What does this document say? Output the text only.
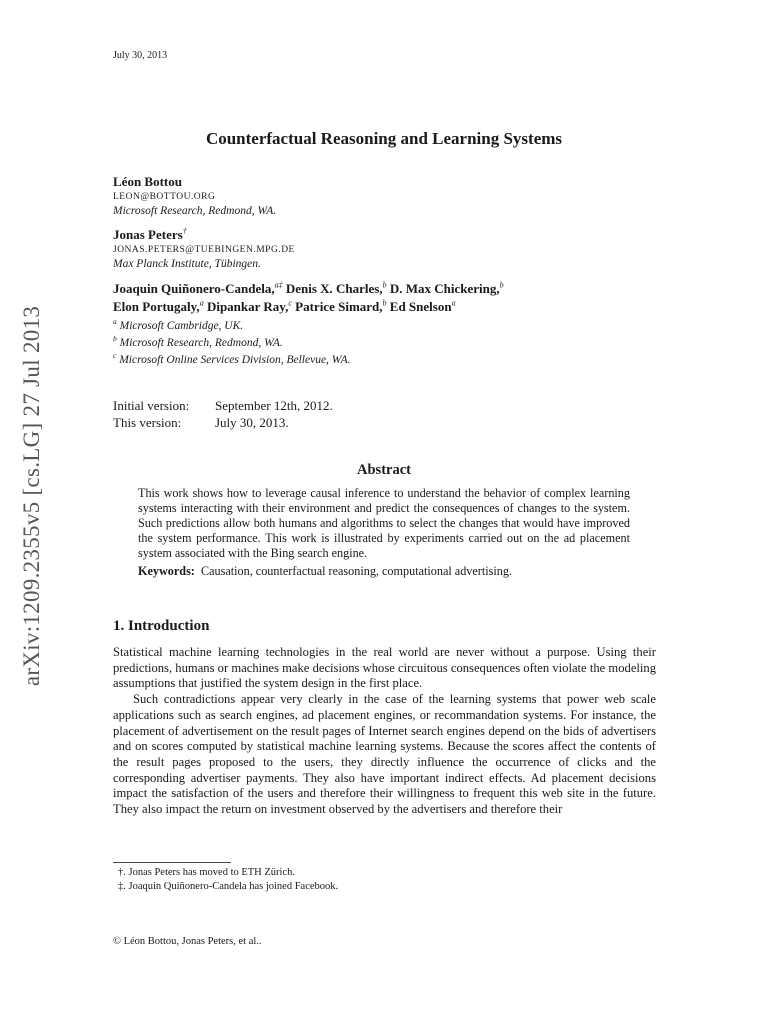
arXiv:1209.2355v5 [cs.LG] 27 Jul 2013
July 30, 2013
Counterfactual Reasoning and Learning Systems
Léon Bottou
LEON@BOTTOU.ORG
Microsoft Research, Redmond, WA.
Jonas Peters†
JONAS.PETERS@TUEBINGEN.MPG.DE
Max Planck Institute, Tübingen.
Joaquin Quiñonero-Candela,$^{a\ddagger}$ Denis X. Charles,$^b$ D. Max Chickering,$^b$
Elon Portugaly,$^a$ Dipankar Ray,$^c$ Patrice Simard,$^b$ Ed Snelson$^a$
$^a$ Microsoft Cambridge, UK.
$^b$ Microsoft Research, Redmond, WA.
$^c$ Microsoft Online Services Division, Bellevue, WA.
Initial version: September 12th, 2012.
This version:	July 30, 2013.
Abstract
This work shows how to leverage causal inference to understand the behavior of complex learning systems interacting with their environment and predict the consequences of changes to the system. Such predictions allow both humans and algorithms to select the changes that would have improved the system performance. This work is illustrated by experiments carried out on the ad placement system associated with the Bing search engine.
Keywords: Causation, counterfactual reasoning, computational advertising.
1. Introduction

Statistical machine learning technologies in the real world are never without a purpose. Using their predictions, humans or machines make decisions whose circuitous consequences often violate the modeling assumptions that justified the system design in the first place.

Such contradictions appear very clearly in the case of the learning systems that power web scale applications such as search engines, ad placement engines, or recommandation systems. For instance, the placement of advertisement on the result pages of Internet search engines depend on the bids of advertisers and on scores computed by statistical machine learning systems. Because the scores affect the contents of the result pages proposed to the users, they directly influence the occurrence of clicks and the corresponding advertiser payments. They also have important indirect effects. Ad placement decisions impact the satisfaction of the users and therefore their willingness to frequent this web site in the future. They also impact the return on investment observed by the advertisers and therefore their

†. Jonas Peters has moved to ETH Zürich.
‡. Joaquin Quiñonero-Candela has joined Facebook.
© Léon Bottou, Jonas Peters, et al..
